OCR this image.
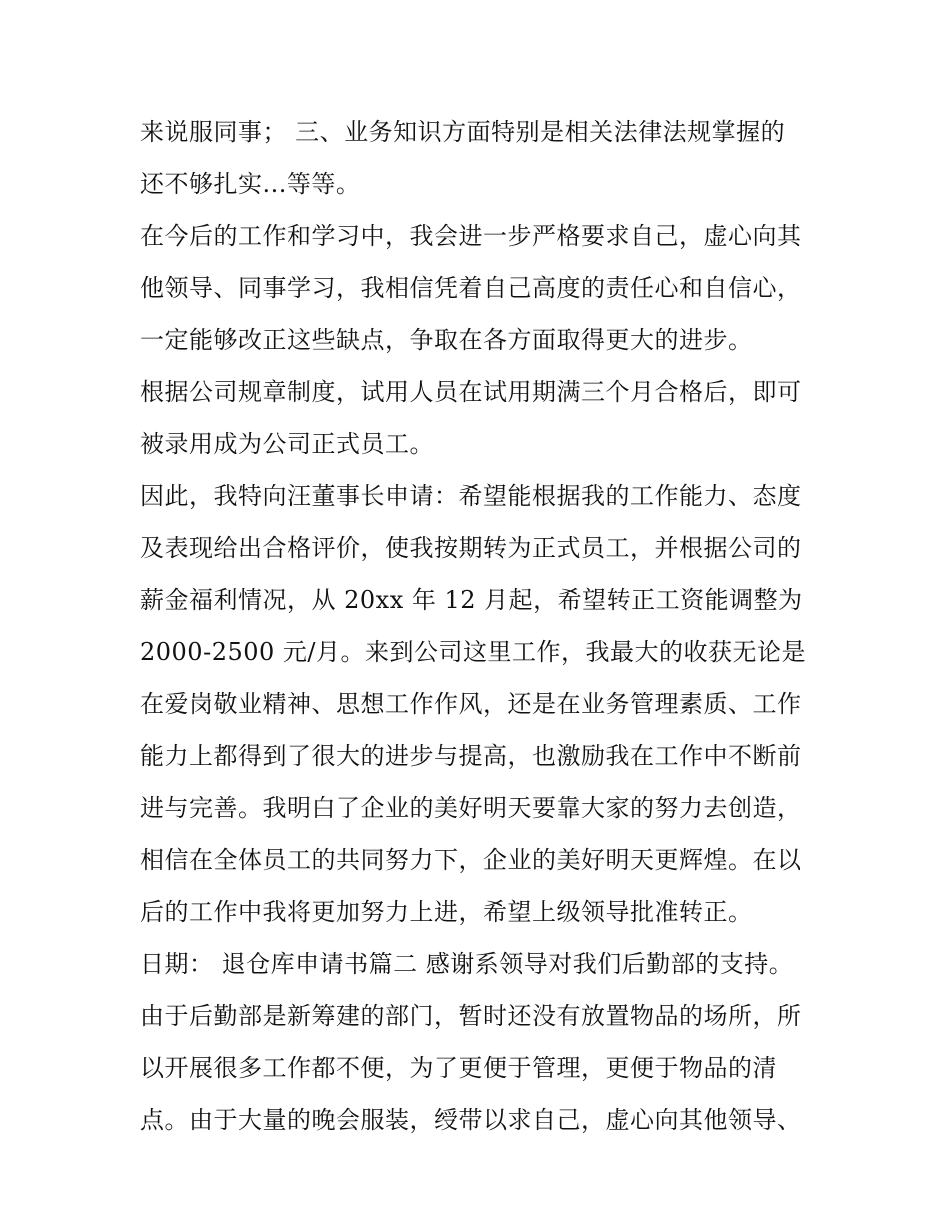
来说服同事； 三、业务知识方面特别是相关法律法规掌握的
还不够扎实...等等。
在今后的工作和学习中，我会进一步严格要求自己，虚心向其
他领导、同事学习，我相信凭着自己高度的责任心和自信心，
一定能够改正这些缺点，争取在各方面取得更大的进步。
根据公司规章制度，试用人员在试用期满三个月合格后，即可
被录用成为公司正式员工。
因此，我特向汪董事长申请：希望能根据我的工作能力、态度
及表现给出合格评价，使我按期转为正式员工，并根据公司的
薪金福利情况，从 20xx 年 12 月起，希望转正工资能调整为
2000-2500 元/月。来到公司这里工作，我最大的收获无论是
在爱岗敬业精神、思想工作作风，还是在业务管理素质、工作
能力上都得到了很大的进步与提高，也激励我在工作中不断前
进与完善。我明白了企业的美好明天要靠大家的努力去创造，
相信在全体员工的共同努力下，企业的美好明天更辉煌。在以
后的工作中我将更加努力上进，希望上级领导批准转正。
日期： 退仓库申请书篇二 感谢系领导对我们后勤部的支持。
由于后勤部是新筹建的部门，暂时还没有放置物品的场所，所
以开展很多工作都不便，为了更便于管理，更便于物品的清
点。由于大量的晚会服装，绶带以求自己，虚心向其他领导、
